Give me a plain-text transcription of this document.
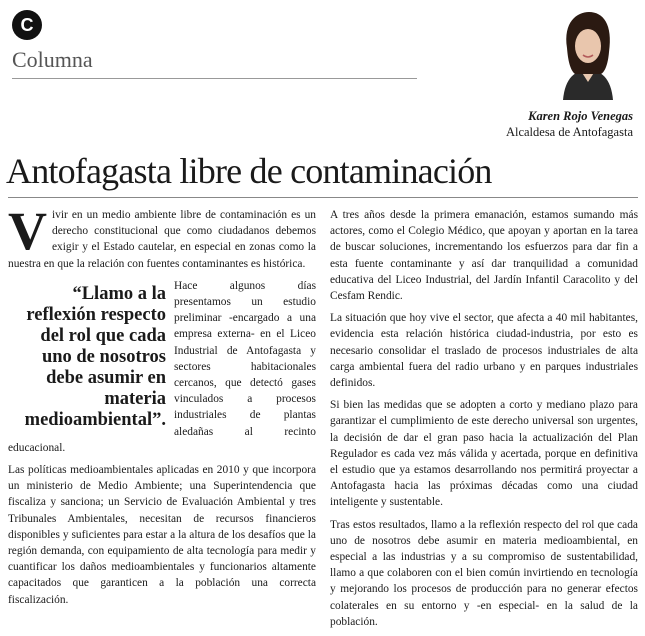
C
Columna
Karen Rojo Venegas
Alcaldesa de Antofagasta
Antofagasta libre de contaminación

V ivir en un medio ambiente libre de contaminación es un derecho constitucional que como ciudadanos debemos exigir y el Estado cautelar, en especial en zonas como la nuestra en que la relación con fuentes contaminantes es histórica.

“Llamo a la reflexión respecto del rol que cada uno de nosotros debe asumir en materia medioambiental”.

Hace algunos días presentamos un estudio preliminar -encargado a una empresa externa- en el Liceo Industrial de Antofagasta y sectores habitacionales cercanos, que detectó gases vinculados a procesos industriales de plantas aledañas al recinto educacional.

Las políticas medioambientales aplicadas en 2010 y que incorpora un ministerio de Medio Ambiente; una Superintendencia que fiscaliza y sanciona; un Servicio de Evaluación Ambiental y tres Tribunales Ambientales, necesitan de recursos financieros disponibles y suficientes para estar a la altura de los desafíos que la región demanda, con equipamiento de alta tecnología para medir y cuantificar los daños medioambientales y funcionarios altamente capacitados que garanticen a la población una correcta fiscalización.

A tres años desde la primera emanación, estamos sumando más actores, como el Colegio Médico, que apoyan y aportan en la tarea de buscar soluciones, incrementando los esfuerzos para dar fin a esta fuente contaminante y así dar tranquilidad a comunidad educativa del Liceo Industrial, del Jardín Infantil Caracolito y del Cesfam Rendic.

La situación que hoy vive el sector, que afecta a 40 mil habitantes, evidencia esta relación histórica ciudad-industria, por esto es necesario consolidar el traslado de procesos industriales de alta carga ambiental fuera del radio urbano y en parques industriales definidos.

Si bien las medidas que se adopten a corto y mediano plazo para garantizar el cumplimiento de este derecho universal son urgentes, la decisión de dar el gran paso hacia la actualización del Plan Regulador es cada vez más válida y acertada, porque en definitiva el estudio que ya estamos desarrollando nos permitirá proyectar a Antofagasta hacia las próximas décadas como una ciudad inteligente y sustentable.

Tras estos resultados, llamo a la reflexión respecto del rol que cada uno de nosotros debe asumir en materia medioambiental, en especial a las industrias y a su compromiso de sustentabilidad, llamo a que colaboren con el bien común invirtiendo en tecnología y mejorando los procesos de producción para no generar efectos colaterales en su entorno y -en especial- en la salud de la población.
